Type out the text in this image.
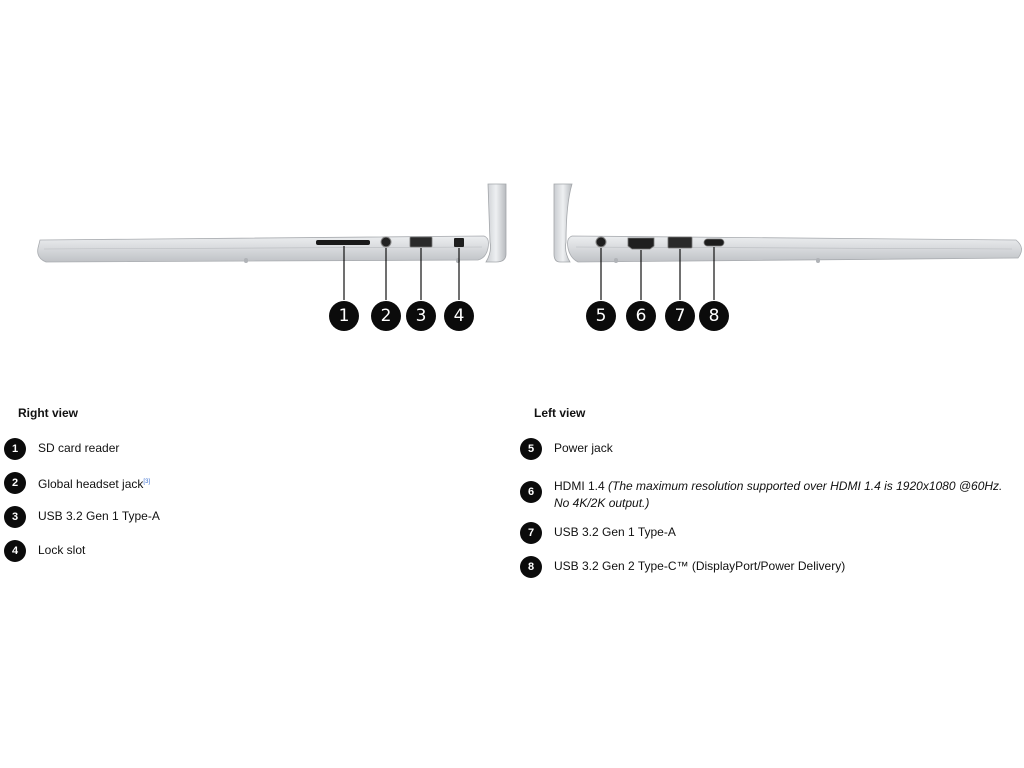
1	2	3	4	5	6	7	8
Right view
1	SD card reader
2	Global headset jack[3]
3	USB 3.2 Gen 1 Type-A
4	Lock slot
Left view
5	Power jack
6	HDMI 1.4 (The maximum resolution supported over HDMI 1.4 is 1920x1080 @60Hz. No 4K/2K output.)
7	USB 3.2 Gen 1 Type-A
8	USB 3.2 Gen 2 Type-C™ (DisplayPort/Power Delivery)
